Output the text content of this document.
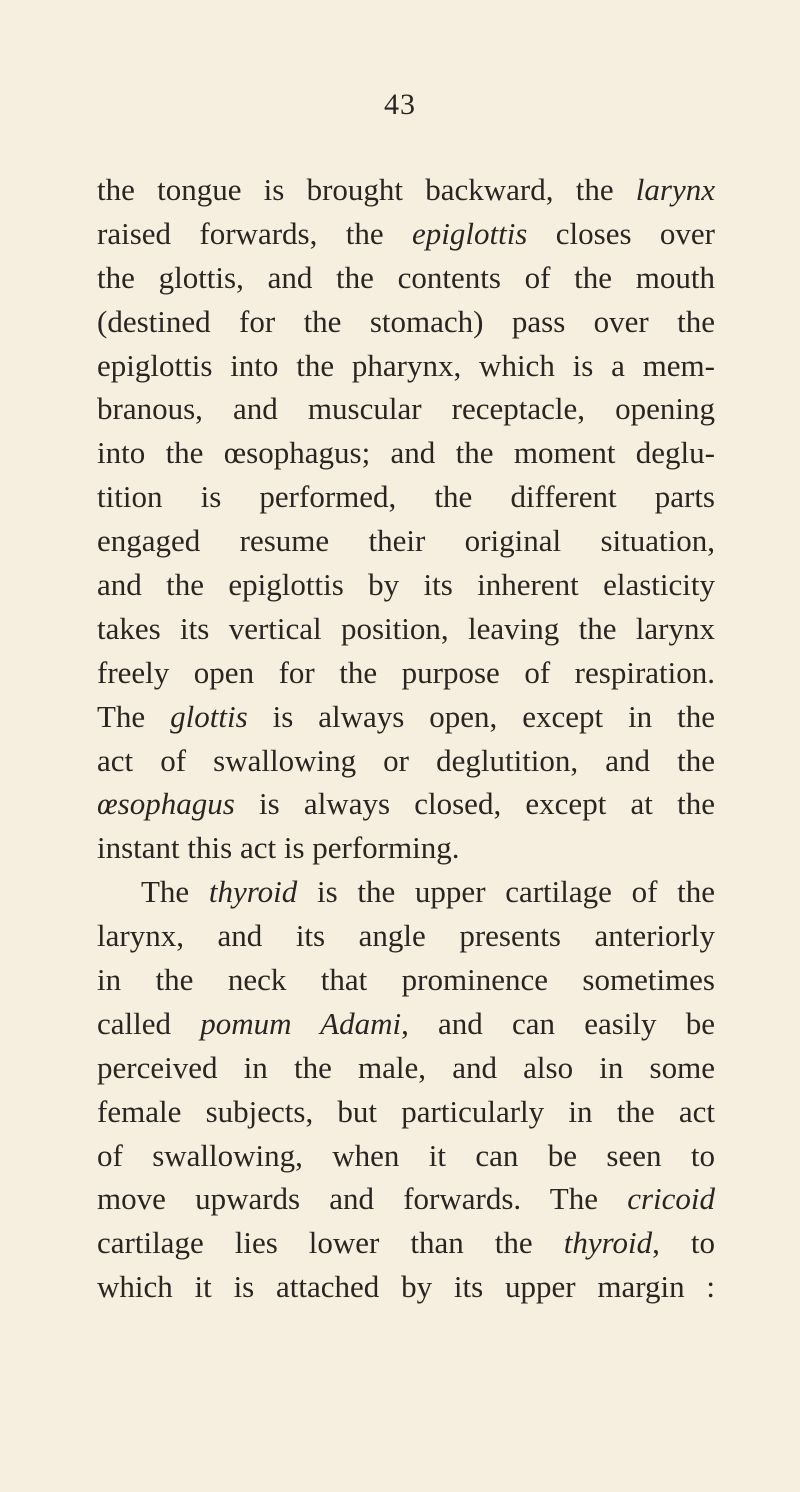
43
the tongue is brought backward, the larynx
raised forwards, the epiglottis closes over
the glottis, and the contents of the mouth
(destined for the stomach) pass over the
epiglottis into the pharynx, which is a mem-
branous, and muscular receptacle, opening
into the œsophagus; and the moment deglu-
tition is performed, the different parts
engaged resume their original situation,
and the epiglottis by its inherent elasticity
takes its vertical position, leaving the larynx
freely open for the purpose of respiration.
The glottis is always open, except in the
act of swallowing or deglutition, and the
œsophagus is always closed, except at the
instant this act is performing.
The thyroid is the upper cartilage of the
larynx, and its angle presents anteriorly
in the neck that prominence sometimes
called pomum Adami, and can easily be
perceived in the male, and also in some
female subjects, but particularly in the act
of swallowing, when it can be seen to
move upwards and forwards. The cricoid
cartilage lies lower than the thyroid, to
which it is attached by its upper margin :
